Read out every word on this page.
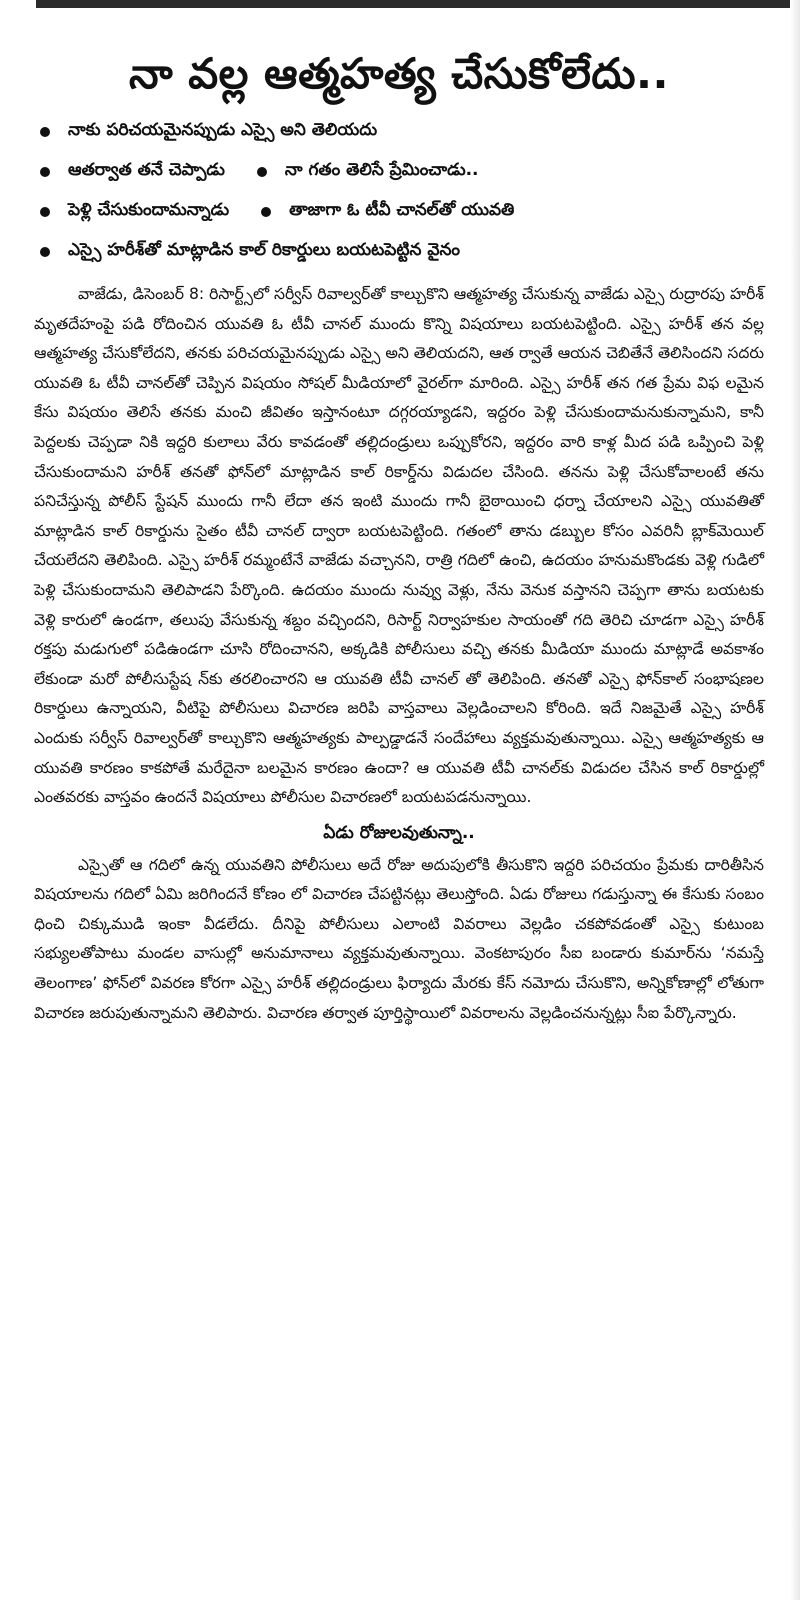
నా వల్ల ఆత్మహత్య చేసుకోలేదు..
నాకు పరిచయమైనప్పుడు ఎస్సై అని తెలియదు
ఆతర్వాత తనే చెప్పాడు	నా గతం తెలిసే ప్రేమించాడు..
పెళ్లి చేసుకుందామన్నాడు	తాజాగా ఓ టీవీ చానల్‌తో యువతి
ఎస్సై హరీశ్‌తో మాట్లాడిన కాల్ రికార్డులు బయటపెట్టిన వైనం

వాజేడు, డిసెంబర్ 8: రిసార్ట్స్‌లో సర్వీస్ రివాల్వర్‌తో కాల్చుకొని ఆత్మహత్య చేసుకున్న వాజేడు ఎస్సై రుద్రారపు హరీశ్ మృతదేహంపై పడి రోదించిన యువతి ఓ టీవీ చానల్ ముందు కొన్ని విషయాలు బయటపెట్టింది. ఎస్సై హరీశ్ తన వల్ల ఆత్మహత్య చేసుకోలేదని, తనకు పరిచయమైనప్పుడు ఎస్సై అని తెలియదని, ఆత ర్వాతే ఆయన చెబితేనే తెలిసిందని సదరు యువతి ఓ టీవీ చానల్‌తో చెప్పిన విషయం సోషల్ మీడియాలో వైరల్‌గా మారింది. ఎస్సై హరీశ్ తన గత ప్రేమ విఫ లమైన కేసు విషయం తెలిసే తనకు మంచి జీవితం ఇస్తానంటూ దగ్గరయ్యాడని, ఇద్దరం పెళ్లి చేసుకుందామనుకున్నామని, కానీ పెద్దలకు చెప్పడా నికి ఇద్దరి కులాలు వేరు కావడంతో తల్లిదండ్రులు ఒప్పుకోరని, ఇద్దరం వారి కాళ్ల మీద పడి ఒప్పించి పెళ్లి చేసుకుందామని హరీశ్ తనతో ఫోన్‌లో మాట్లాడిన కాల్ రికార్డ్‌ను విడుదల చేసింది. తనను పెళ్లి చేసుకోవాలంటే తను పనిచేస్తున్న పోలీస్ స్టేషన్ ముందు గానీ లేదా తన ఇంటి ముందు గానీ బైఠాయించి ధర్నా చేయాలని ఎస్సై యువతితో మాట్లాడిన కాల్ రికార్డును సైతం టీవీ చానల్ ద్వారా బయటపెట్టింది. గతంలో తాను డబ్బుల కోసం ఎవరినీ బ్లాక్‌మెయిల్ చేయలేదని తెలిపింది. ఎస్సై హరీశ్ రమ్మంటేనే వాజేడు వచ్చానని, రాత్రి గదిలో ఉంచి, ఉదయం హనుమకొండకు వెళ్లి గుడిలో పెళ్లి చేసుకుందామని తెలిపాడని పేర్కొంది. ఉదయం ముందు నువ్వు వెళ్లు, నేను వెనుక వస్తానని చెప్పగా తాను బయటకు వెళ్లి కారులో ఉండగా, తలుపు వేసుకున్న శబ్దం వచ్చిందని, రిసార్ట్ నిర్వాహకుల సాయంతో గది తెరిచి చూడగా ఎస్సై హరీశ్ రక్తపు మడుగులో పడిఉండగా చూసి రోదించానని, అక్కడికి పోలీసులు వచ్చి తనకు మీడియా ముందు మాట్లాడే అవకాశం లేకుండా మరో పోలీసుస్టేష న్‌కు తరలించారని ఆ యువతి టీవీ చానల్ తో తెలిపింది. తనతో ఎస్సై ఫోన్‌కాల్ సంభాషణల రికార్డులు ఉన్నాయని, వీటిపై పోలీసులు విచారణ జరిపి వాస్తవాలు వెల్లడించాలని కోరింది. ఇదే నిజమైతే ఎస్సై హరీశ్ ఎందుకు సర్వీస్ రివాల్వర్‌తో కాల్చుకొని ఆత్మహత్యకు పాల్పడ్డాడనే సందేహాలు వ్యక్తమవుతున్నాయి. ఎస్సై ఆత్మహత్యకు ఆ యువతి కారణం కాకపోతే మరేదైనా బలమైన కారణం ఉందా? ఆ యువతి టీవీ చానల్‌కు విడుదల చేసిన కాల్ రికార్డుల్లో ఎంతవరకు వాస్తవం ఉందనే విషయాలు పోలీసుల విచారణలో బయటపడనున్నాయి.

ఏడు రోజులవుతున్నా..

ఎస్సైతో ఆ గదిలో ఉన్న యువతిని పోలీసులు అదే రోజు అదుపులోకి తీసుకొని ఇద్దరి పరిచయం ప్రేమకు దారితీసిన విషయాలను గదిలో ఏమి జరిగిందనే కోణం లో విచారణ చేపట్టినట్లు తెలుస్తోంది. ఏడు రోజులు గడుస్తున్నా ఈ కేసుకు సంబం ధించి చిక్కుముడి ఇంకా వీడలేదు. దీనిపై పోలీసులు ఎలాంటి వివరాలు వెల్లడిం చకపోవడంతో ఎస్సై కుటుంబ సభ్యులతోపాటు మండల వాసుల్లో అనుమానాలు వ్యక్తమవుతున్నాయి. వెంకటాపురం సీఐ బండారు కుమార్‌ను ‘నమస్తే తెలంగాణ’ ఫోన్‌లో వివరణ కోరగా ఎస్సై హరీశ్ తల్లిదండ్రులు ఫిర్యాదు మేరకు కేస్ నమోదు చేసుకొని, అన్నికోణాల్లో లోతుగా విచారణ జరుపుతున్నామని తెలిపారు. విచారణ తర్వాత పూర్తిస్థాయిలో వివరాలను వెల్లడించనున్నట్లు సీఐ పేర్కొన్నారు.
